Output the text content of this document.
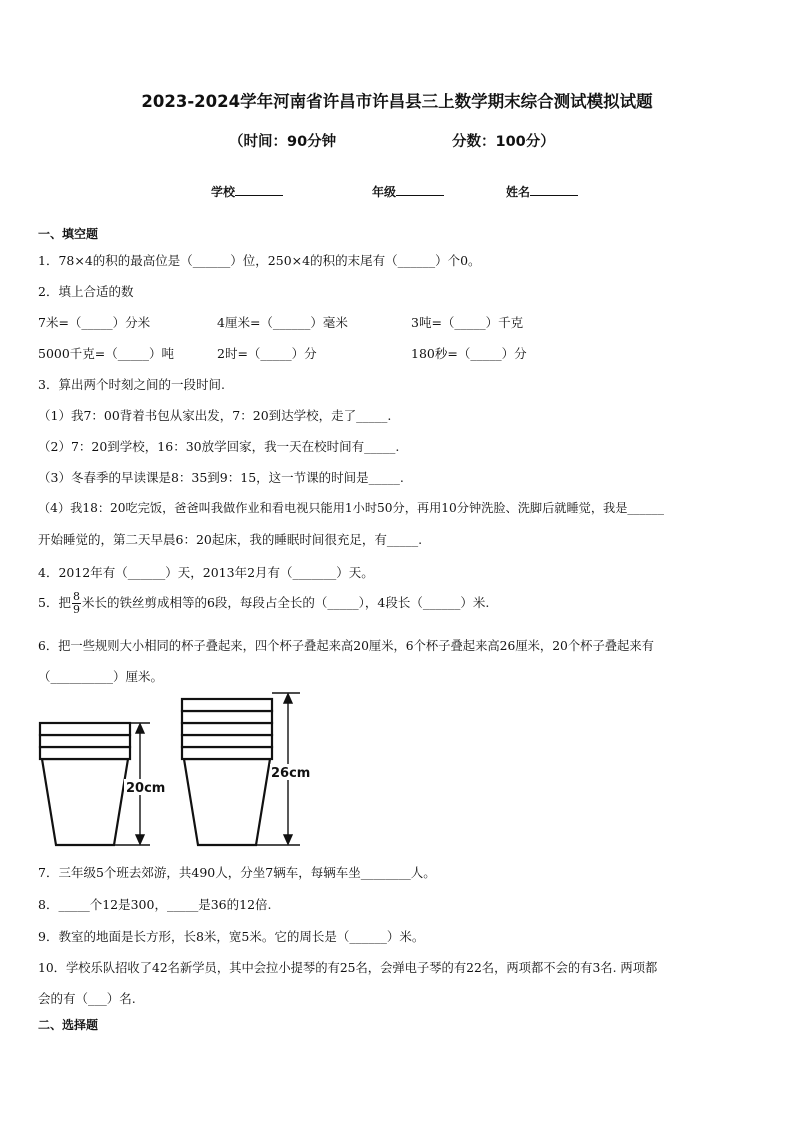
2023-2024学年河南省许昌市许昌县三上数学期末综合测试模拟试题
（时间：90分钟	分数：100分）
学校	年级	姓名
一、填空题
1．78×4的积的最高位是（______）位，250×4的积的末尾有（______）个0。
2．填上合适的数
7米=（_____）分米	4厘米=（______）毫米	3吨=（_____）千克
5000千克=（_____）吨	2时=（_____）分	180秒=（_____）分
3．算出两个时刻之间的一段时间.
（1）我7：00背着书包从家出发，7：20到达学校，走了_____.
（2）7：20到学校，16：30放学回家，我一天在校时间有_____.
（3）冬春季的早读课是8：35到9：15，这一节课的时间是_____.
（4）我18：20吃完饭，爸爸叫我做作业和看电视只能用1小时50分，再用10分钟洗脸、洗脚后就睡觉，我是______
开始睡觉的，第二天早晨6：20起床，我的睡眠时间很充足，有_____.
4．2012年有（______）天，2013年2月有（_______）天。
5．把 $\frac{8}{9}$ 米长的铁丝剪成相等的6段，每段占全长的（_____），4段长（______）米.
6．把一些规则大小相同的杯子叠起来，四个杯子叠起来高20厘米，6个杯子叠起来高26厘米，20个杯子叠起来有
（__________）厘米。
20cm
26cm
7．三年级5个班去郊游，共490人，分坐7辆车，每辆车坐________人。
8．_____个12是300，_____是36的12倍.
9．教室的地面是长方形，长8米，宽5米。它的周长是（______）米。
10．学校乐队招收了42名新学员，其中会拉小提琴的有25名，会弹电子琴的有22名，两项都不会的有3名. 两项都
会的有（___）名.
二、选择题
